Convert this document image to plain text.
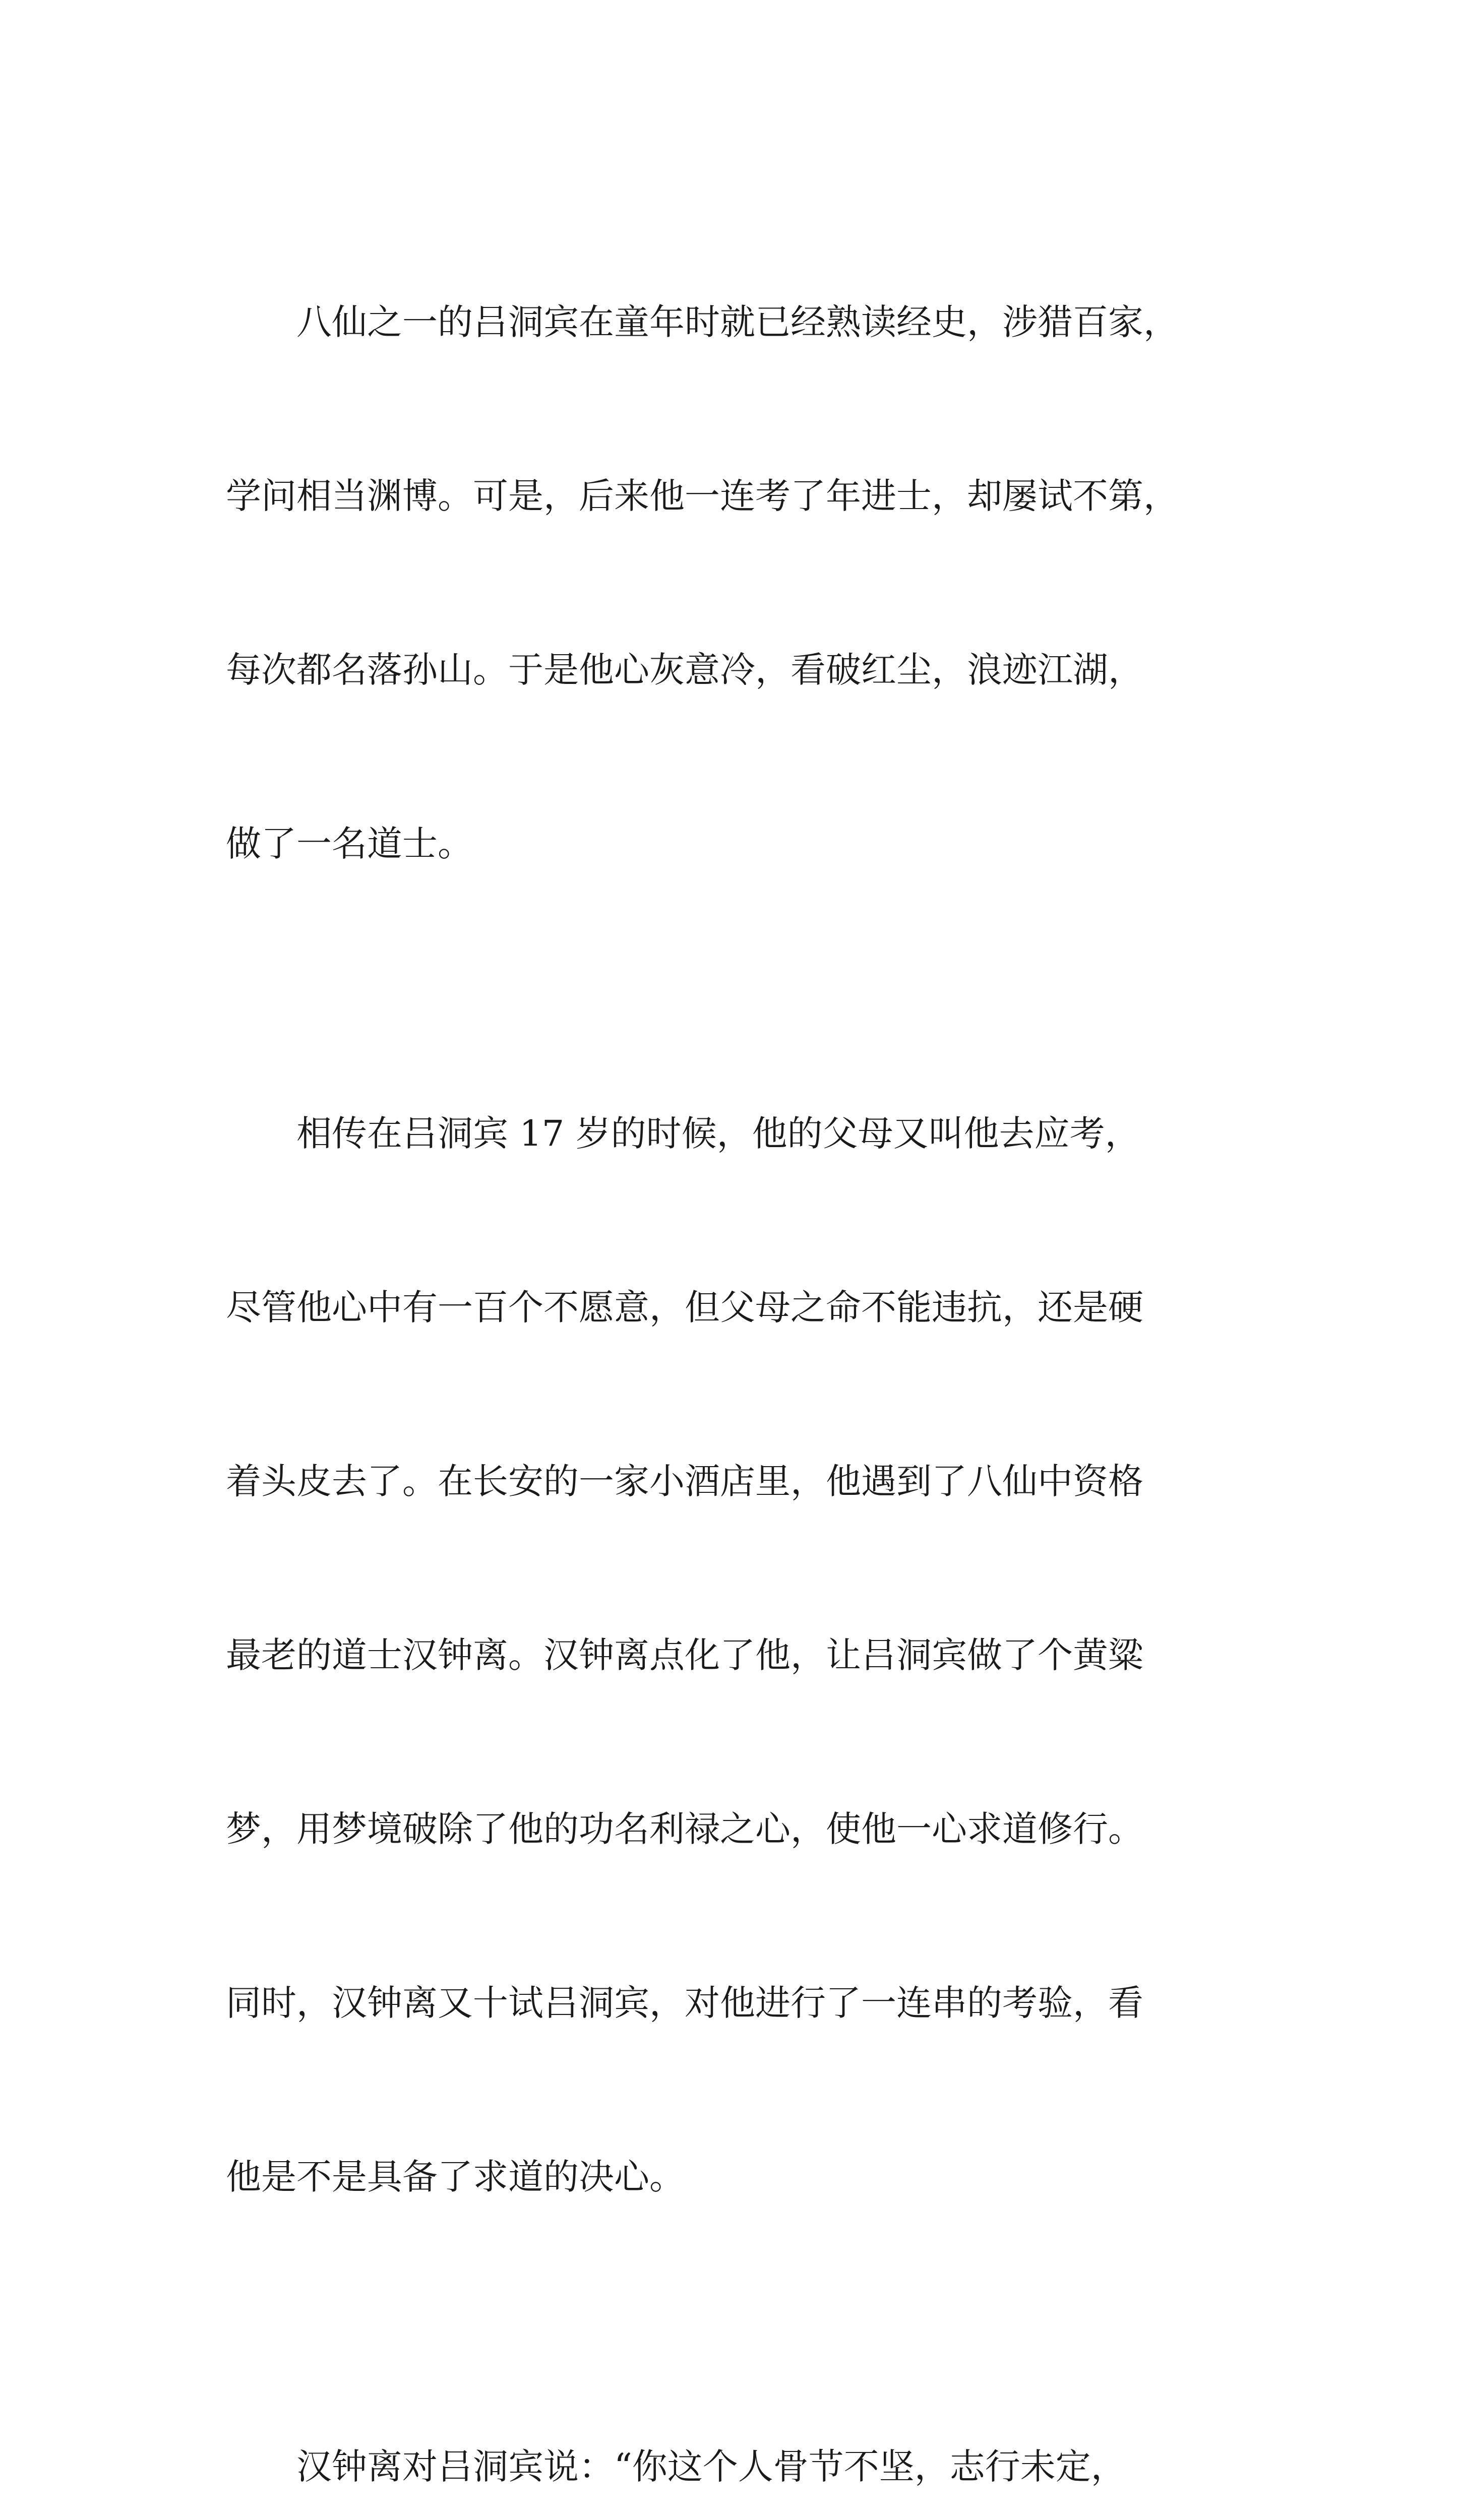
八仙之一的吕洞宾在童年时就已经熟读经史，涉猎百家，

学问相当渊博。可是，后来他一连考了年进士，却屡试不第，

每次都名落孙山。于是他心灰意冷，看破红尘，浪迹江湖，

做了一名道士。

相传在吕洞宾 17 岁的时候，他的父母又叫他去应考，

尽管他心中有一百个不愿意，但父母之命不能违抗，还是硬

着头皮去了。在长安的一家小酒店里，他遇到了八仙中资格

最老的道士汉钟离。汉钟离点化了他，让吕洞宾做了个黄粱

梦，用梦境破除了他的功名利禄之心，使他一心求道修行。

同时，汉钟离又十试吕洞宾，对他进行了一连串的考验，看

他是不是具备了求道的决心。

汉钟离对吕洞宾说：“你这个人骨节不坚，志行未定，
